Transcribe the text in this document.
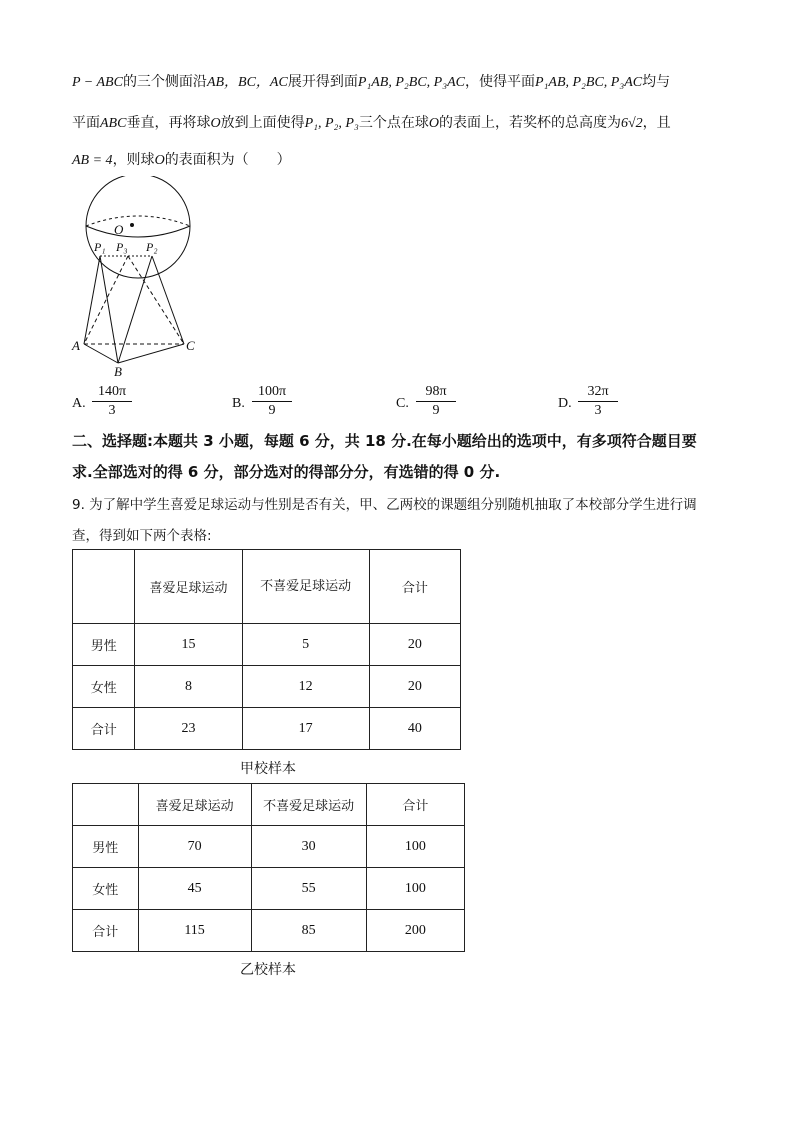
P − ABC的三个侧面沿AB，BC，AC展开得到面P₁AB, P₂BC, P₃AC，使得平面P₁AB, P₂BC, P₃AC均与
平面ABC垂直，再将球O放到上面使得P₁, P₂, P₃三个点在球O的表面上，若奖杯的总高度为6√2，且
AB = 4，则球O的表面积为（　　）
O
P₁ P₃ P₂
A
B
C
A. $\frac{140\pi}{3}$	B. $\frac{100\pi}{9}$	C. $\frac{98\pi}{9}$	D. $\frac{32\pi}{3}$
二、选择题:本题共 3 小题，每题 6 分，共 18 分.在每小题给出的选项中，有多项符合题目要
求.全部选对的得 6 分，部分选对的得部分分，有选错的得 0 分.
9. 为了解中学生喜爱足球运动与性别是否有关，甲、乙两校的课题组分别随机抽取了本校部分学生进行调
查，得到如下两个表格:
	喜爱足球运动	不喜爱足球运动	合计
男性	15	5	20
女性	8	12	20
合计	23	17	40
甲校样本
	喜爱足球运动	不喜爱足球运动	合计
男性	70	30	100
女性	45	55	100
合计	115	85	200
乙校样本
